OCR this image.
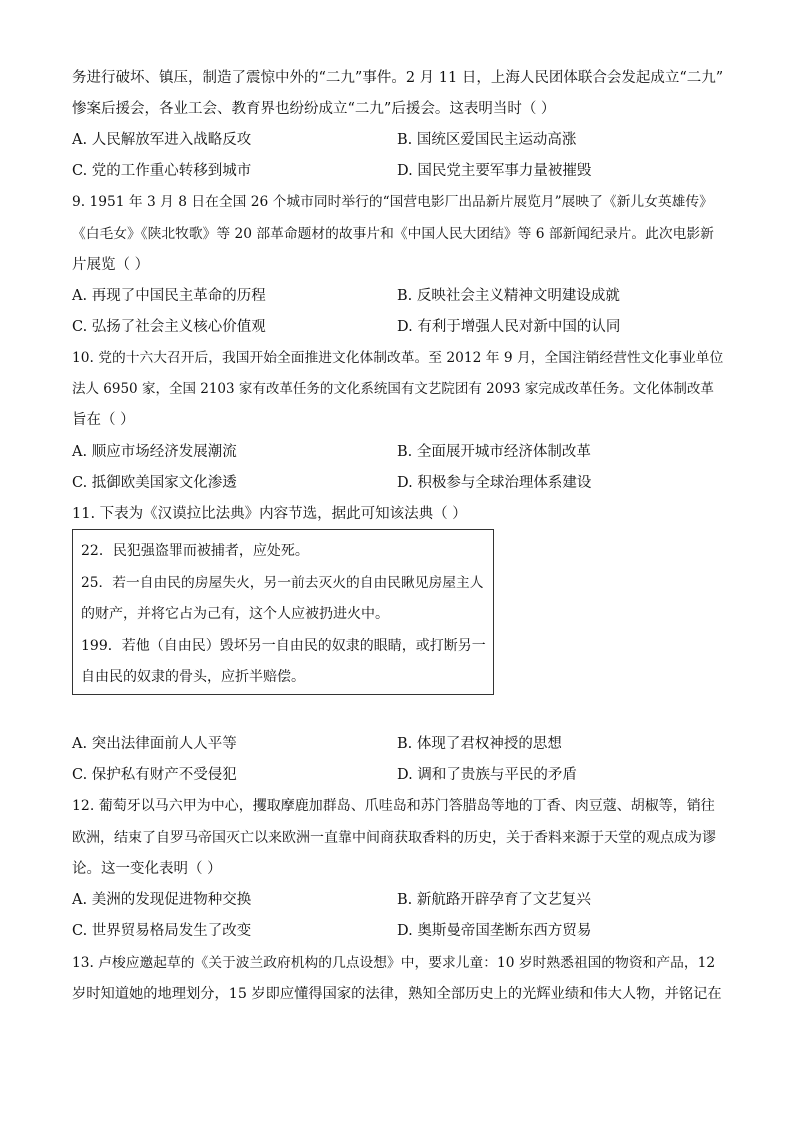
务进行破坏、镇压，制造了震惊中外的“二九”事件。2 月 11 日，上海人民团体联合会发起成立“二九”
惨案后援会，各业工会、教育界也纷纷成立“二九”后援会。这表明当时（ ）
A. 人民解放军进入战略反攻	B. 国统区爱国民主运动高涨
C. 党的工作重心转移到城市	D. 国民党主要军事力量被摧毁
9. 1951 年 3 月 8 日在全国 26 个城市同时举行的“国营电影厂出品新片展览月”展映了《新儿女英雄传》
《白毛女》《陕北牧歌》等 20 部革命题材的故事片和《中国人民大团结》等 6 部新闻纪录片。此次电影新
片展览（ ）
A. 再现了中国民主革命的历程	B. 反映社会主义精神文明建设成就
C. 弘扬了社会主义核心价值观	D. 有利于增强人民对新中国的认同
10. 党的十六大召开后，我国开始全面推进文化体制改革。至 2012 年 9 月，全国注销经营性文化事业单位
法人 6950 家，全国 2103 家有改革任务的文化系统国有文艺院团有 2093 家完成改革任务。文化体制改革
旨在（ ）
A. 顺应市场经济发展潮流	B. 全面展开城市经济体制改革
C. 抵御欧美国家文化渗透	D. 积极参与全球治理体系建设
11. 下表为《汉谟拉比法典》内容节选，据此可知该法典（ ）
22．民犯强盗罪而被捕者，应处死。
25．若一自由民的房屋失火，另一前去灭火的自由民瞅见房屋主人
的财产，并将它占为己有，这个人应被扔进火中。
199．若他（自由民）毁坏另一自由民的奴隶的眼睛，或打断另一
自由民的奴隶的骨头，应折半赔偿。
A. 突出法律面前人人平等	B. 体现了君权神授的思想
C. 保护私有财产不受侵犯	D. 调和了贵族与平民的矛盾
12. 葡萄牙以马六甲为中心，攫取摩鹿加群岛、爪哇岛和苏门答腊岛等地的丁香、肉豆蔻、胡椒等，销往
欧洲，结束了自罗马帝国灭亡以来欧洲一直靠中间商获取香料的历史，关于香料来源于天堂的观点成为谬
论。这一变化表明（ ）
A. 美洲的发现促进物种交换	B. 新航路开辟孕育了文艺复兴
C. 世界贸易格局发生了改变	D. 奥斯曼帝国垄断东西方贸易
13. 卢梭应邀起草的《关于波兰政府机构的几点设想》中，要求儿童：10 岁时熟悉祖国的物资和产品，12
岁时知道她的地理划分，15 岁即应懂得国家的法律，熟知全部历史上的光辉业绩和伟大人物，并铭记在
